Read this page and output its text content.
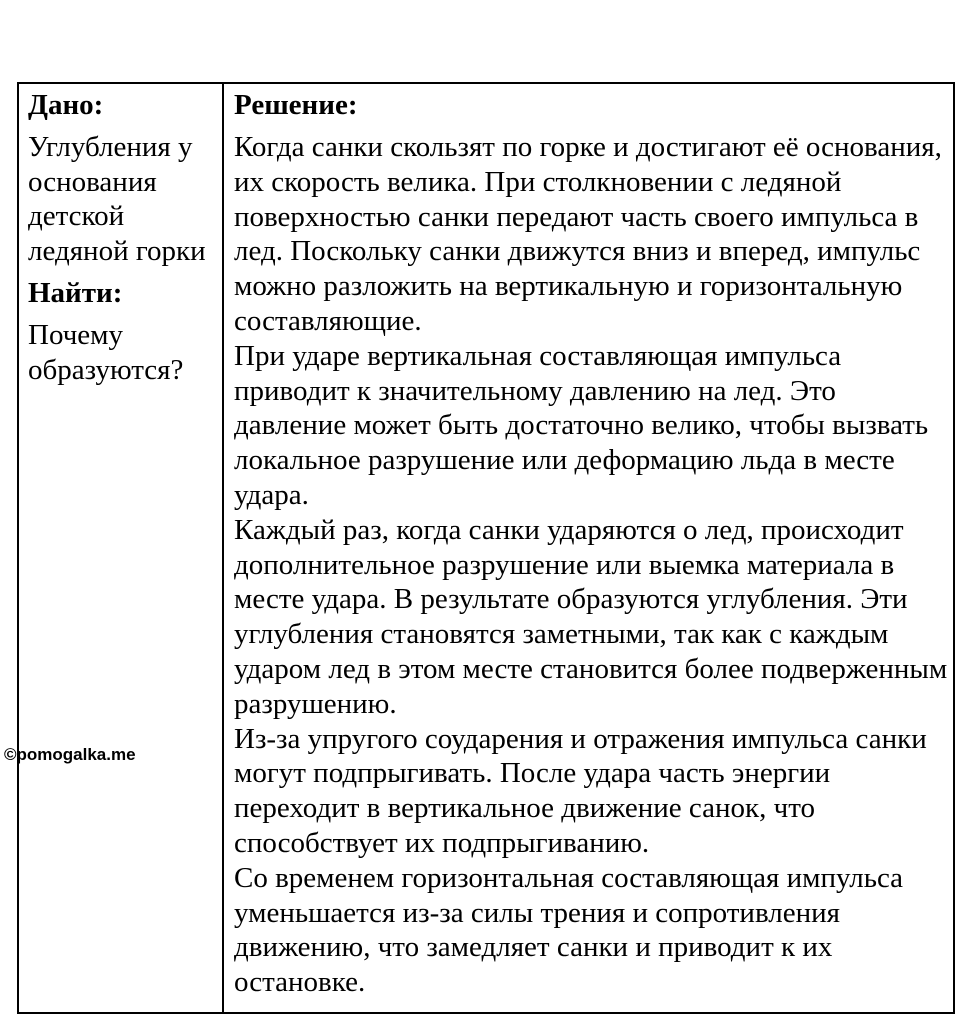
Дано:
Углубления у основания детской ледяной горки
Найти:
Почему образуются?
Решение:

Когда санки скользят по горке и достигают её основания, их скорость велика. При столкновении с ледяной поверхностью санки передают часть своего импульса в лед. Поскольку санки движутся вниз и вперед, импульс можно разложить на вертикальную и горизонтальную составляющие.

При ударе вертикальная составляющая импульса приводит к значительному давлению на лед. Это давление может быть достаточно велико, чтобы вызвать локальное разрушение или деформацию льда в месте удара.

Каждый раз, когда санки ударяются о лед, происходит дополнительное разрушение или выемка материала в месте удара. В результате образуются углубления. Эти углубления становятся заметными, так как с каждым ударом лед в этом месте становится более подверженным разрушению.

Из-за упругого соударения и отражения импульса санки могут подпрыгивать. После удара часть энергии переходит в вертикальное движение санок, что способствует их подпрыгиванию.

Со временем горизонтальная составляющая импульса уменьшается из-за силы трения и сопротивления движению, что замедляет санки и приводит к их остановке.

©pomogalka.me
